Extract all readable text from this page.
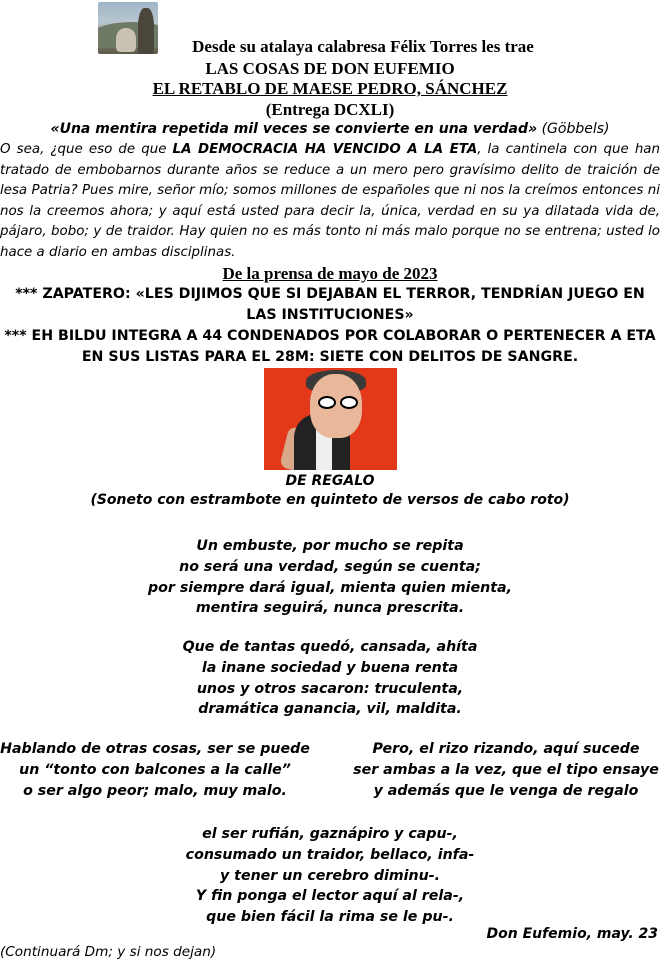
Desde su atalaya calabresa Félix Torres les trae
LAS COSAS DE DON EUFEMIO
EL RETABLO DE MAESE PEDRO, SÁNCHEZ
(Entrega DCXLI)
«Una mentira repetida mil veces se convierte en una verdad» (Göbbels)

O sea, ¿que eso de que LA DEMOCRACIA HA VENCIDO A LA ETA, la cantinela con que han tratado de embobarnos durante años se reduce a un mero pero gravísimo delito de traición de lesa Patria? Pues mire, señor mío; somos millones de españoles que ni nos la creímos entonces ni nos la creemos ahora; y aquí está usted para decir la, única, verdad en su ya dilatada vida de, pájaro, bobo; y de traidor. Hay quien no es más tonto ni más malo porque no se entrena; usted lo hace a diario en ambas disciplinas.

De la prensa de mayo de 2023
*** ZAPATERO: «LES DIJIMOS QUE SI DEJABAN EL TERROR, TENDRÍAN JUEGO EN LAS INSTITUCIONES»
*** EH BILDU INTEGRA A 44 CONDENADOS POR COLABORAR O PERTENECER A ETA EN SUS LISTAS PARA EL 28M: SIETE CON DELITOS DE SANGRE.
DE REGALO
(Soneto con estrambote en quinteto de versos de cabo roto)
Un embuste, por mucho se repita
no será una verdad, según se cuenta;
por siempre dará igual, mienta quien mienta,
mentira seguirá, nunca prescrita.
Que de tantas quedó, cansada, ahíta
la inane sociedad y buena renta
unos y otros sacaron: truculenta,
dramática ganancia, vil, maldita.
Hablando de otras cosas, ser se puede
un “tonto con balcones a la calle”
o ser algo peor; malo, muy malo.
Pero, el rizo rizando, aquí sucede
ser ambas a la vez, que el tipo ensaye
y además que le venga de regalo
el ser rufián, gaznápiro y capu-,
consumado un traidor, bellaco, infa-
y tener un cerebro diminu-.
Y fin ponga el lector aquí al rela-,
que bien fácil la rima se le pu-.
Don Eufemio, may. 23
(Continuará Dm; y si nos dejan)
